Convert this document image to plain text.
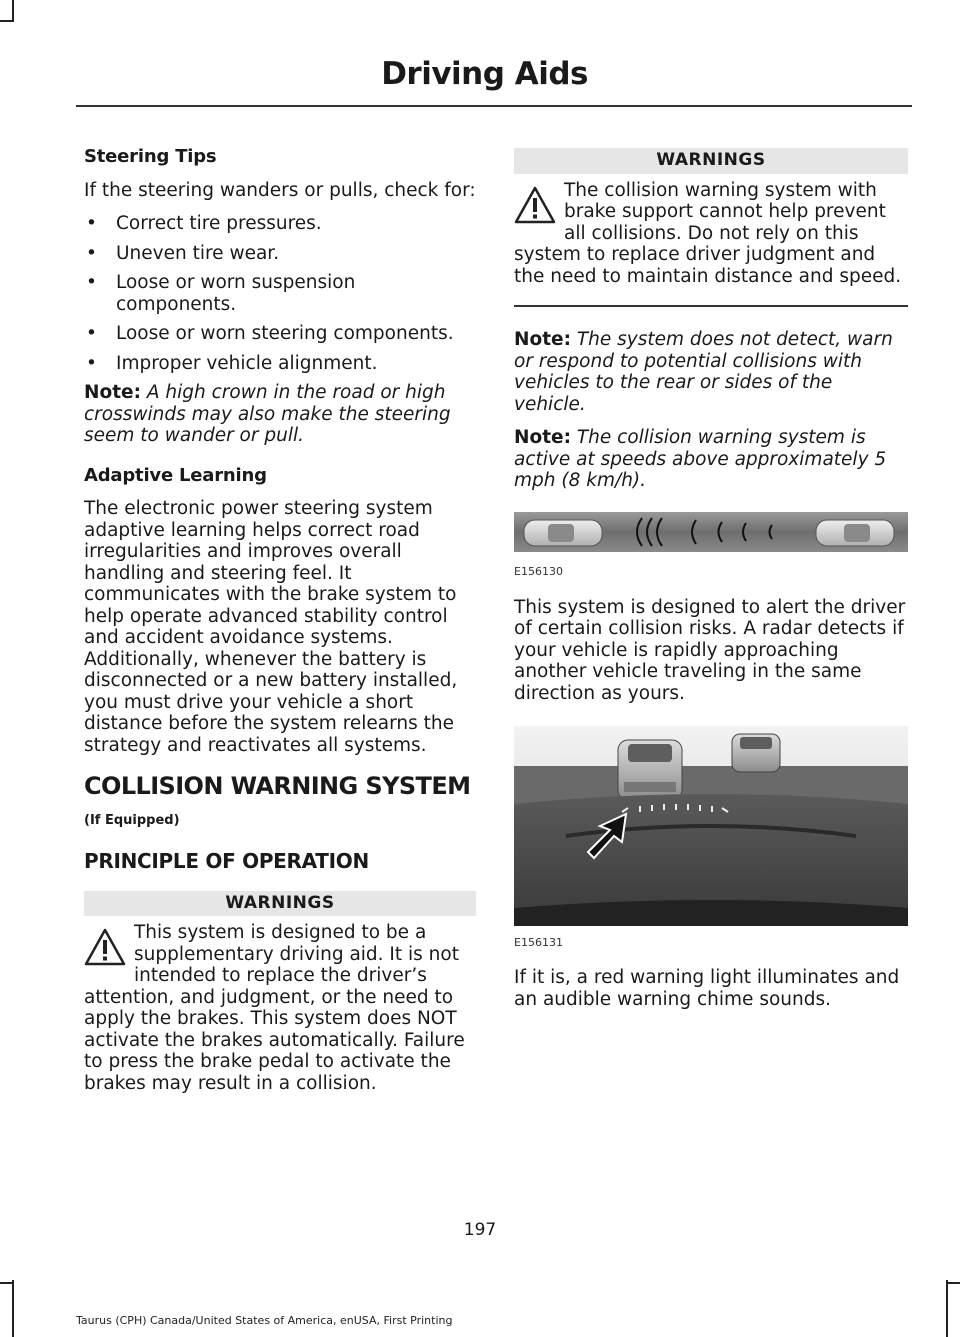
Driving Aids
Steering Tips

If the steering wanders or pulls, check for:

• Correct tire pressures.
• Uneven tire wear.
• Loose or worn suspension components.
• Loose or worn steering components.
• Improper vehicle alignment.

Note: A high crown in the road or high crosswinds may also make the steering seem to wander or pull.

Adaptive Learning

The electronic power steering system adaptive learning helps correct road irregularities and improves overall handling and steering feel. It communicates with the brake system to help operate advanced stability control and accident avoidance systems. Additionally, whenever the battery is disconnected or a new battery installed, you must drive your vehicle a short distance before the system relearns the strategy and reactivates all systems.

COLLISION WARNING SYSTEM
(If Equipped)
PRINCIPLE OF OPERATION
WARNINGS
This system is designed to be a supplementary driving aid. It is not intended to replace the driver’s attention, and judgment, or the need to apply the brakes. This system does NOT activate the brakes automatically. Failure to press the brake pedal to activate the brakes may result in a collision.
WARNINGS
The collision warning system with brake support cannot help prevent all collisions. Do not rely on this system to replace driver judgment and the need to maintain distance and speed.

Note: The system does not detect, warn or respond to potential collisions with vehicles to the rear or sides of the vehicle.

Note: The collision warning system is active at speeds above approximately 5 mph (8 km/h).

E156130

This system is designed to alert the driver of certain collision risks. A radar detects if your vehicle is rapidly approaching another vehicle traveling in the same direction as yours.

E156131

If it is, a red warning light illuminates and an audible warning chime sounds.

197
Taurus (CPH) Canada/United States of America, enUSA, First Printing
